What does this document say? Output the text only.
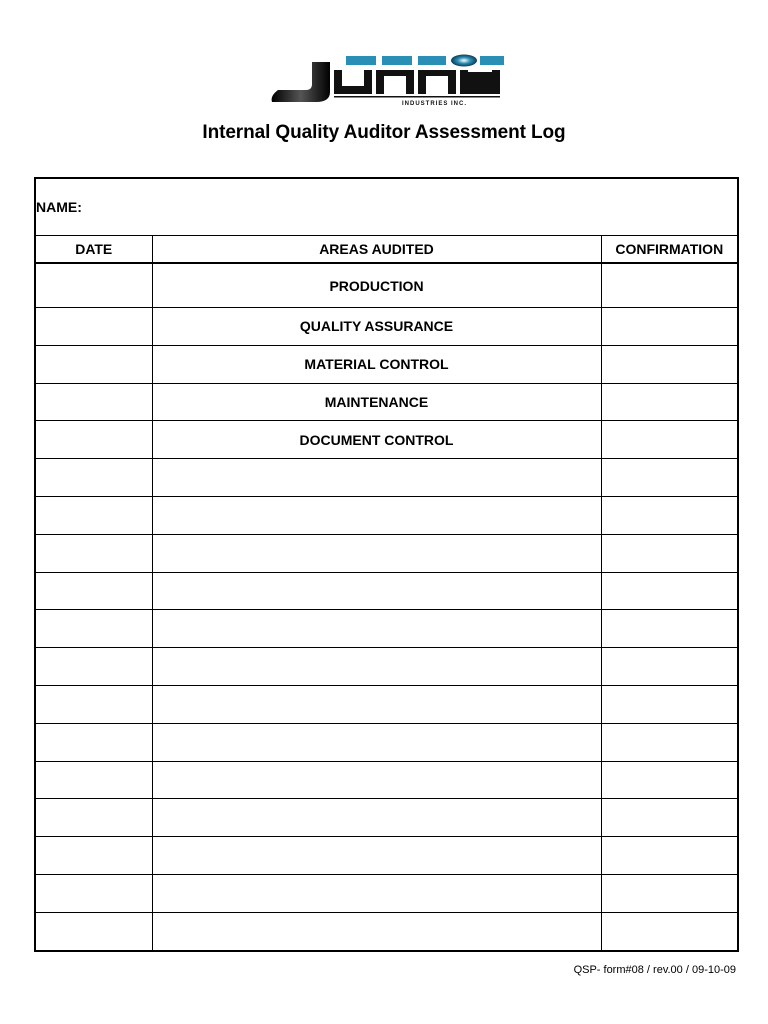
INDUSTRIES INC.
Internal Quality Auditor Assessment Log
NAME:		
DATE	AREAS AUDITED	CONFIRMATION
	PRODUCTION	
	QUALITY ASSURANCE	
	MATERIAL CONTROL	
	MAINTENANCE	
	DOCUMENT CONTROL	

QSP- form#08 / rev.00 / 09-10-09
